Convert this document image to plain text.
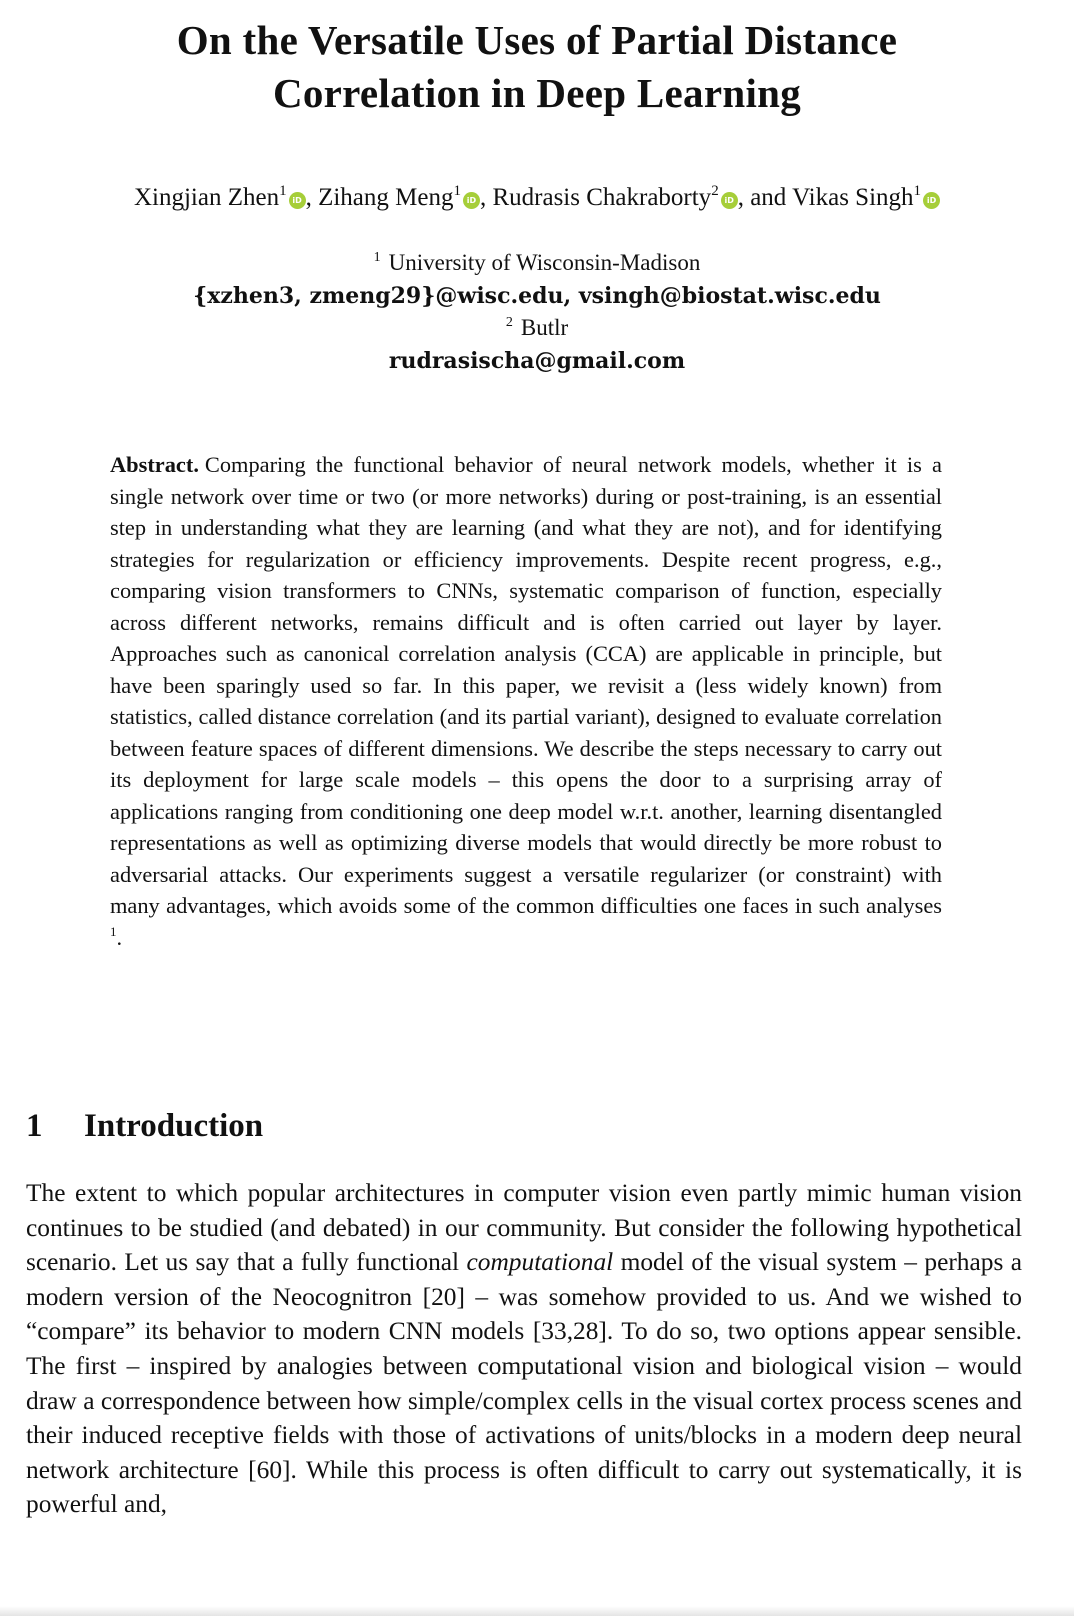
On the Versatile Uses of Partial Distance
Correlation in Deep Learning
Xingjian Zhen$^1$iD , Zihang Meng$^1$iD , Rudrasis Chakraborty$^2$iD , and Vikas Singh$^1$iD
$^1$ University of Wisconsin-Madison
{xzhen3, zmeng29}@wisc.edu, vsingh@biostat.wisc.edu
$^2$ Butlr
rudrasischa@gmail.com
Abstract. Comparing the functional behavior of neural network models, whether it is a single network over time or two (or more networks) during or post-training, is an essential step in understanding what they are learning (and what they are not), and for identifying strategies for regularization or efficiency improvements. Despite recent progress, e.g., comparing vision transformers to CNNs, systematic comparison of function, especially across different networks, remains difficult and is often carried out layer by layer. Approaches such as canonical correlation analysis (CCA) are applicable in principle, but have been sparingly used so far. In this paper, we revisit a (less widely known) from statistics, called distance correlation (and its partial variant), designed to evaluate correlation between feature spaces of different dimensions. We describe the steps necessary to carry out its deployment for large scale models – this opens the door to a surprising array of applications ranging from conditioning one deep model w.r.t. another, learning disentangled representations as well as optimizing diverse models that would directly be more robust to adversarial attacks. Our experiments suggest a versatile regularizer (or constraint) with many advantages, which avoids some of the common difficulties one faces in such analyses $^1$.
1 Introduction
The extent to which popular architectures in computer vision even partly mimic human vision continues to be studied (and debated) in our community. But consider the following hypothetical scenario. Let us say that a fully functional computational model of the visual system – perhaps a modern version of the Neocognitron [20] – was somehow provided to us. And we wished to “compare” its behavior to modern CNN models [33,28]. To do so, two options appear sensible. The first – inspired by analogies between computational vision and biological vision – would draw a correspondence between how simple/complex cells in the visual cortex process scenes and their induced receptive fields with those of activations of units/blocks in a modern deep neural network architecture [60]. While this process is often difficult to carry out systematically, it is powerful and,
